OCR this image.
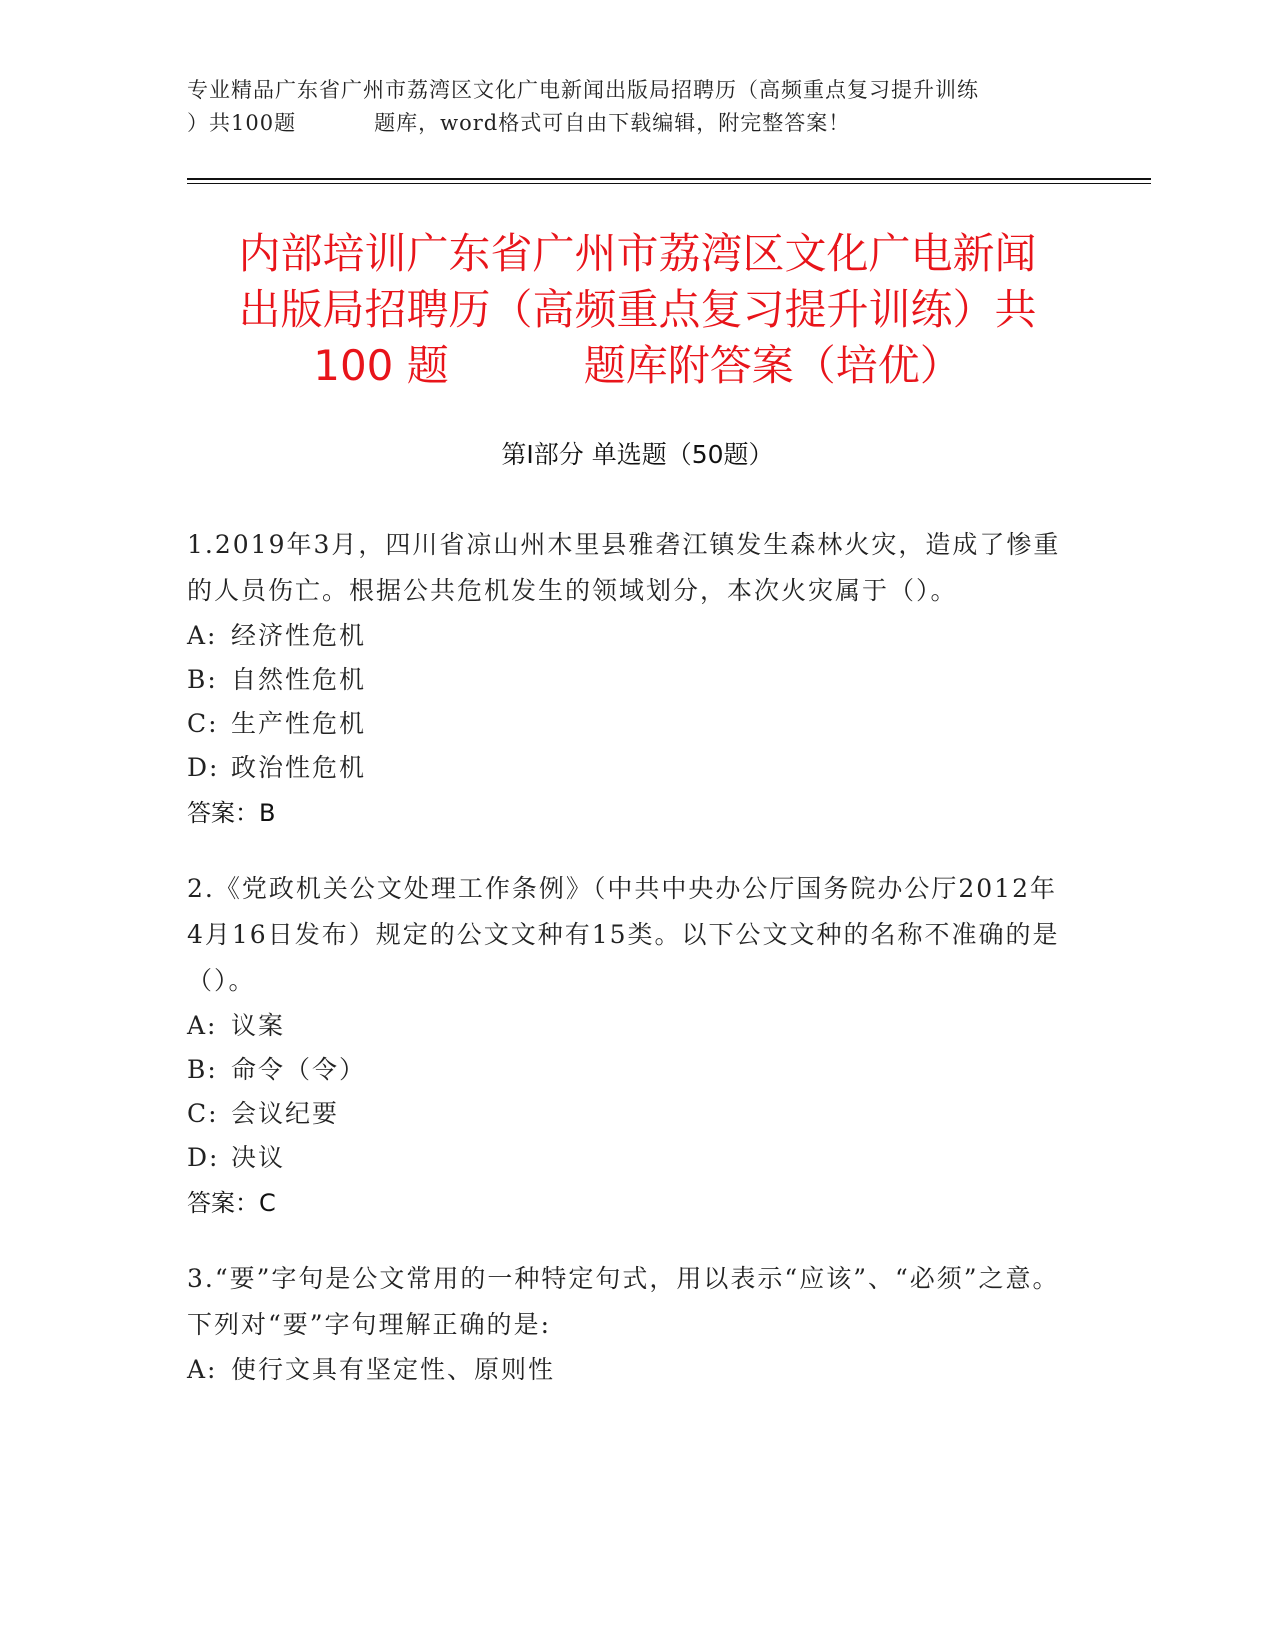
专业精品广东省广州市荔湾区文化广电新闻出版局招聘历（高频重点复习提升训练
）共100题	题库，word格式可自由下载编辑，附完整答案！
内部培训广东省广州市荔湾区文化广电新闻
出版局招聘历（高频重点复习提升训练）共
100 题	题库附答案（培优）
第Ⅰ部分 单选题（50题）
1.2019年3月，四川省凉山州木里县雅砻江镇发生森林火灾，造成了惨重的人员伤亡。根据公共危机发生的领域划分，本次火灾属于（）。
A: 经济性危机
B: 自然性危机
C: 生产性危机
D: 政治性危机
答案：B
2.《党政机关公文处理工作条例》（中共中央办公厅国务院办公厅2012年4月16日发布）规定的公文文种有15类。以下公文文种的名称不准确的是（）。
A: 议案
B: 命令（令）
C: 会议纪要
D: 决议
答案：C
3.“要”字句是公文常用的一种特定句式，用以表示“应该”、“必须”之意。下列对“要”字句理解正确的是:
A: 使行文具有坚定性、原则性
